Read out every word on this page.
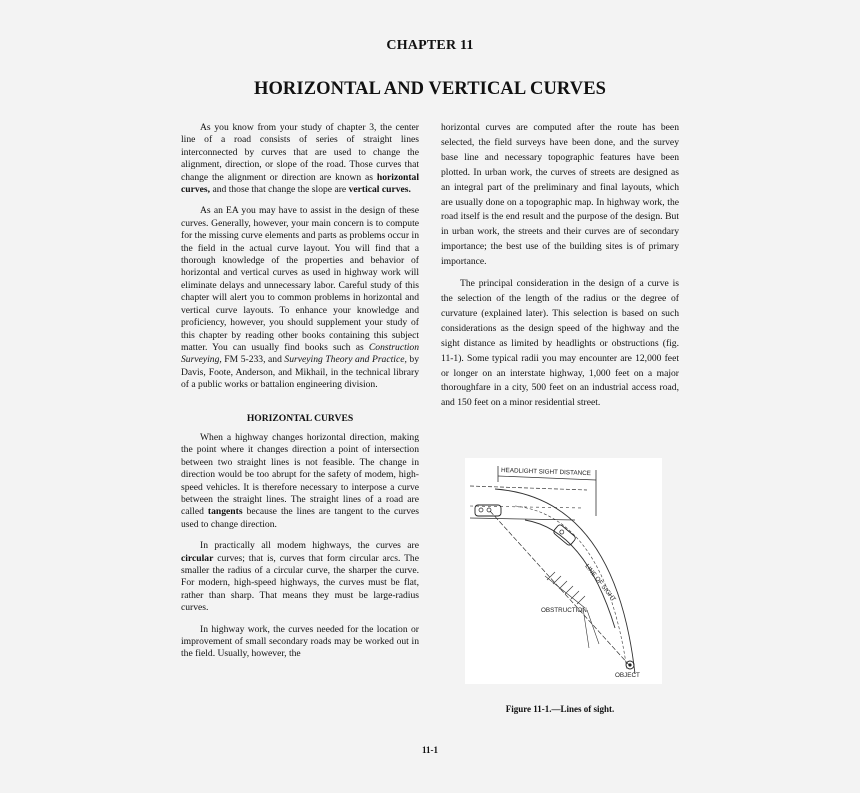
CHAPTER 11
HORIZONTAL AND VERTICAL CURVES

As you know from your study of chapter 3, the center line of a road consists of series of straight lines interconnected by curves that are used to change the alignment, direction, or slope of the road. Those curves that change the alignment or direction are known as horizontal curves, and those that change the slope are vertical curves.

As an EA you may have to assist in the design of these curves. Generally, however, your main concern is to compute for the missing curve elements and parts as problems occur in the field in the actual curve layout. You will find that a thorough knowledge of the properties and behavior of horizontal and vertical curves as used in highway work will eliminate delays and unnecessary labor. Careful study of this chapter will alert you to common problems in horizontal and vertical curve layouts. To enhance your knowledge and proficiency, however, you should supplement your study of this chapter by reading other books containing this subject matter. You can usually find books such as Construction Surveying, FM 5-233, and Surveying Theory and Practice, by Davis, Foote, Anderson, and Mikhail, in the technical library of a public works or battalion engineering division.

HORIZONTAL CURVES

When a highway changes horizontal direction, making the point where it changes direction a point of intersection between two straight lines is not feasible. The change in direction would be too abrupt for the safety of modem, high-speed vehicles. It is therefore necessary to interpose a curve between the straight lines. The straight lines of a road are called tangents because the lines are tangent to the curves used to change direction.

In practically all modem highways, the curves are circular curves; that is, curves that form circular arcs. The smaller the radius of a circular curve, the sharper the curve. For modern, high-speed highways, the curves must be flat, rather than sharp. That means they must be large-radius curves.

In highway work, the curves needed for the location or improvement of small secondary roads may be worked out in the field. Usually, however, the

horizontal curves are computed after the route has been selected, the field surveys have been done, and the survey base line and necessary topographic features have been plotted. In urban work, the curves of streets are designed as an integral part of the preliminary and final layouts, which are usually done on a topographic map. In highway work, the road itself is the end result and the purpose of the design. But in urban work, the streets and their curves are of secondary importance; the best use of the building sites is of primary importance.

The principal consideration in the design of a curve is the selection of the length of the radius or the degree of curvature (explained later). This selection is based on such considerations as the design speed of the highway and the sight distance as limited by headlights or obstructions (fig. 11-1). Some typical radii you may encounter are 12,000 feet or longer on an interstate highway, 1,000 feet on a major thoroughfare in a city, 500 feet on an industrial access road, and 150 feet on a minor residential street.

HEADLIGHT SIGHT DISTANCE
LINE OF SIGHT
OBSTRUCTION
OBJECT
Figure 11-1.—Lines of sight.
11-1
